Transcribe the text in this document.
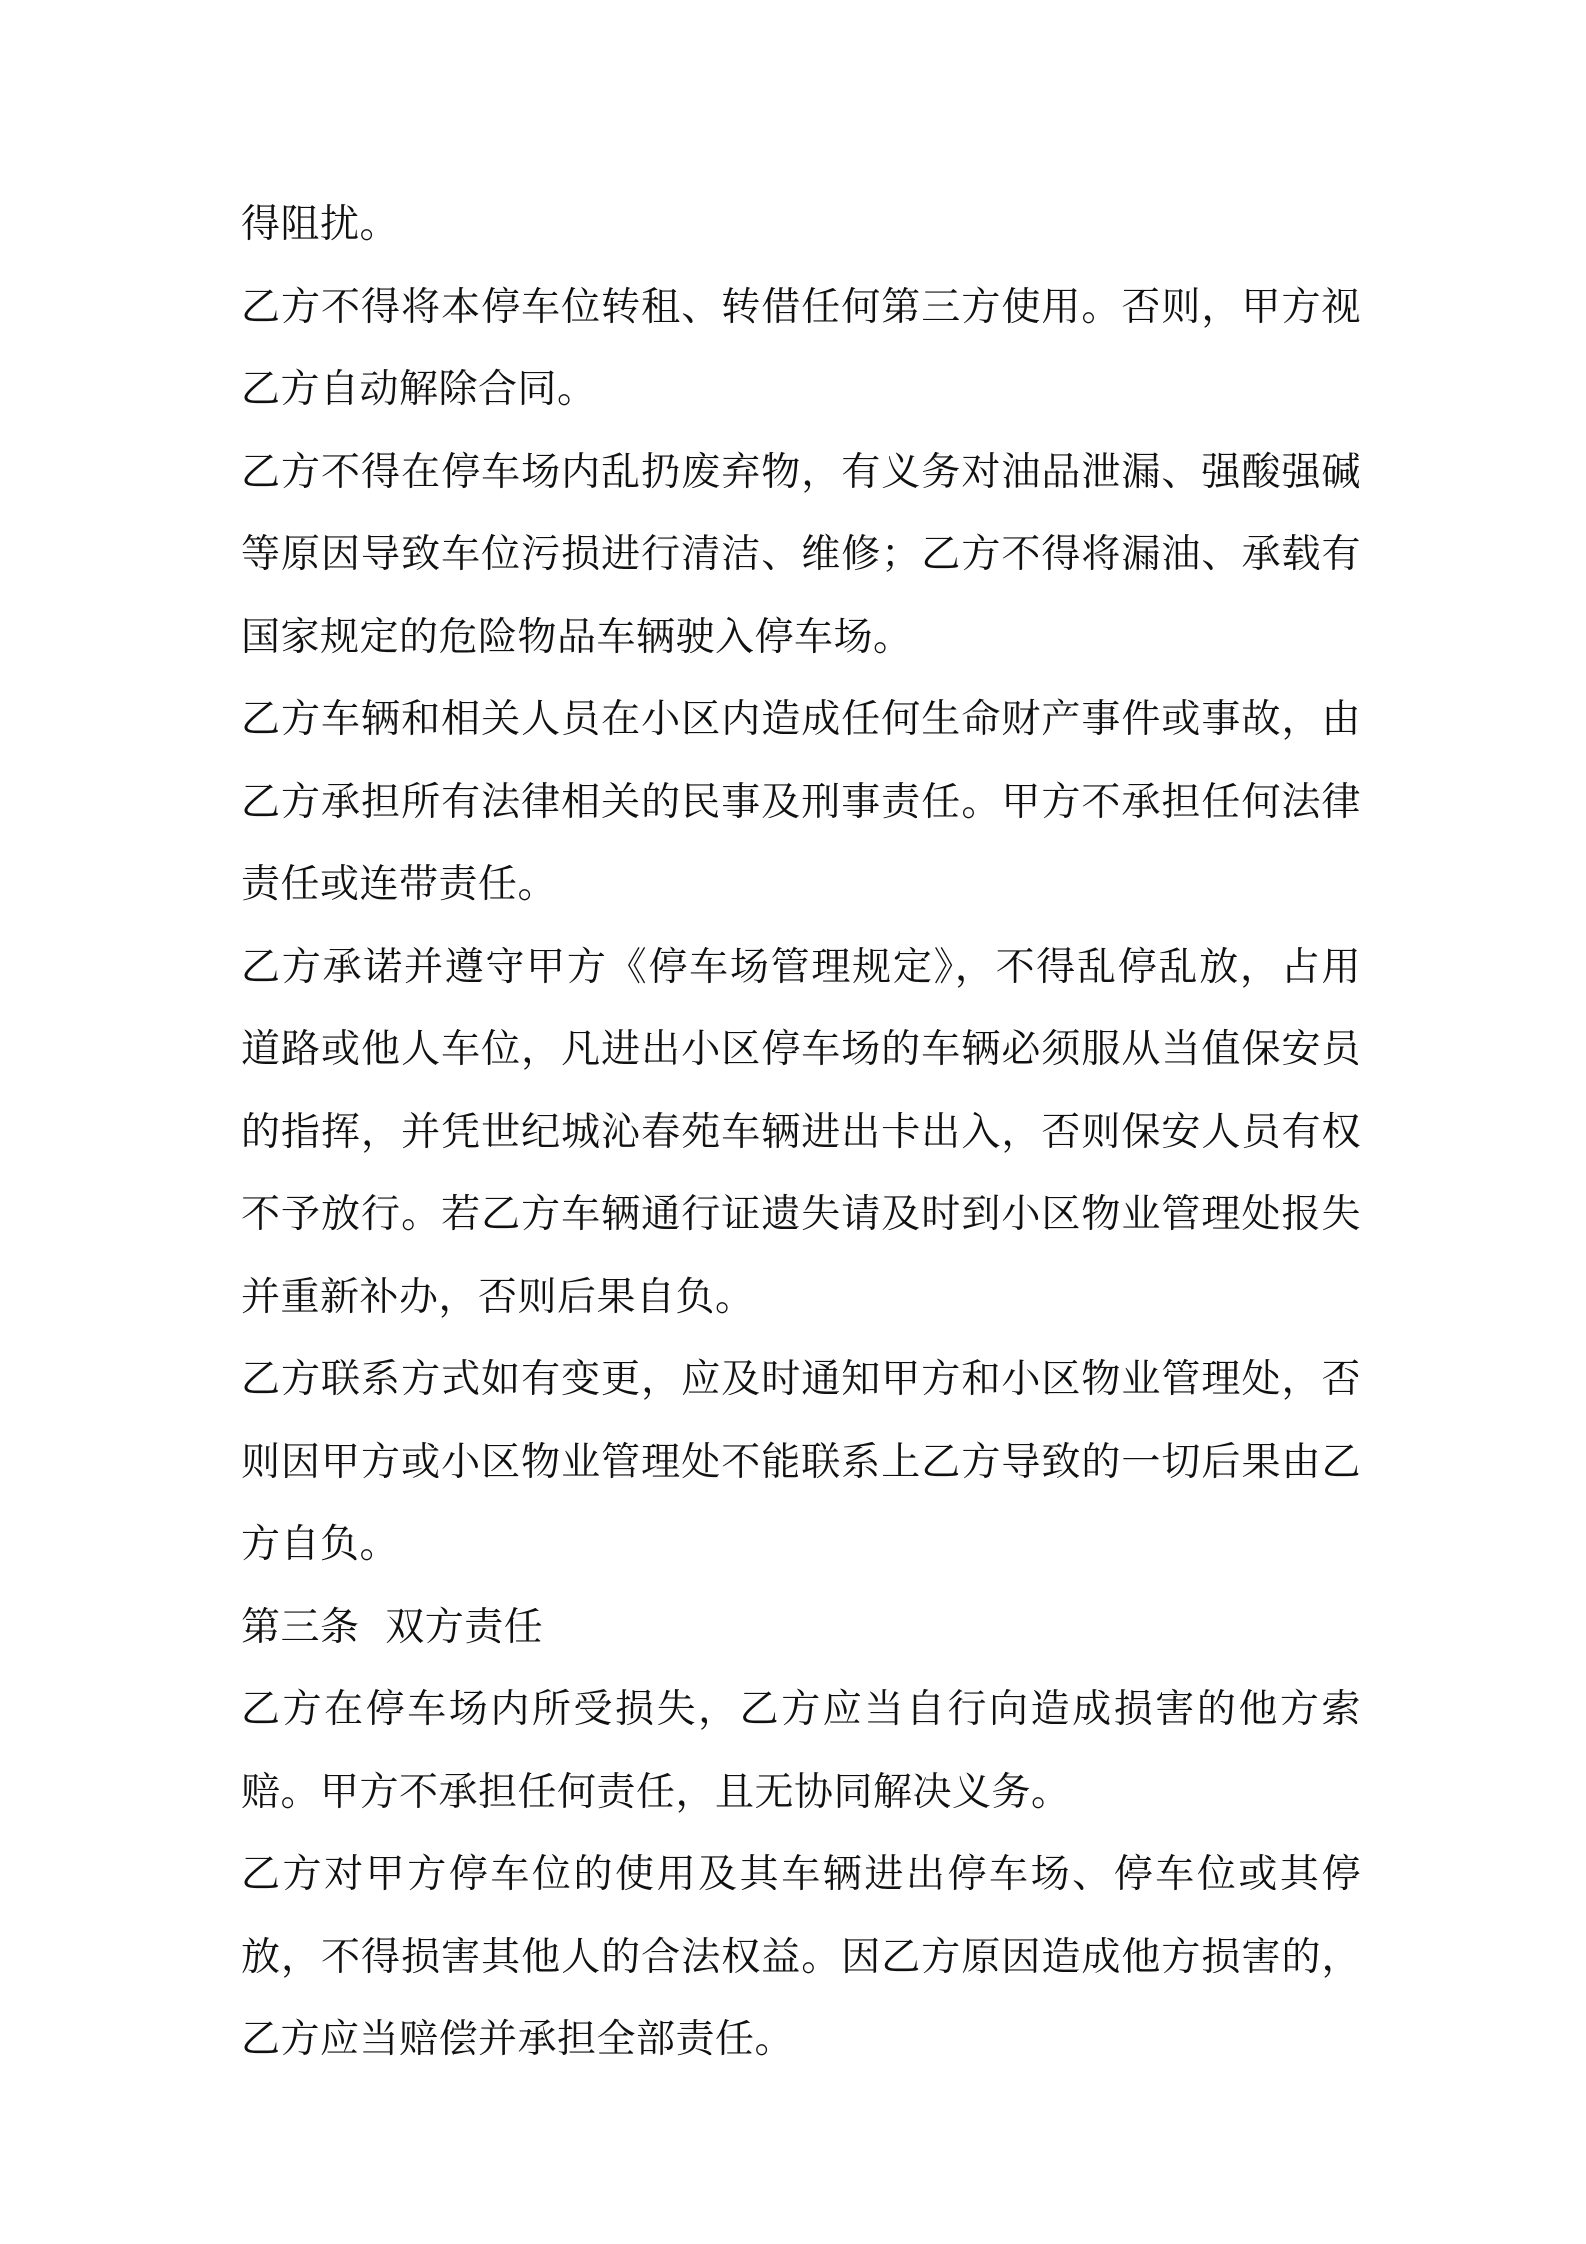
得阻扰。

乙方不得将本停车位转租、转借任何第三方使用。否则，甲方视乙方自动解除合同。

乙方不得在停车场内乱扔废弃物，有义务对油品泄漏、强酸强碱等原因导致车位污损进行清洁、维修；乙方不得将漏油、承载有国家规定的危险物品车辆驶入停车场。

乙方车辆和相关人员在小区内造成任何生命财产事件或事故，由乙方承担所有法律相关的民事及刑事责任。甲方不承担任何法律责任或连带责任。

乙方承诺并遵守甲方《停车场管理规定》，不得乱停乱放，占用道路或他人车位，凡进出小区停车场的车辆必须服从当值保安员的指挥，并凭世纪城沁春苑车辆进出卡出入，否则保安人员有权不予放行。若乙方车辆通行证遗失请及时到小区物业管理处报失并重新补办，否则后果自负。

乙方联系方式如有变更，应及时通知甲方和小区物业管理处，否则因甲方或小区物业管理处不能联系上乙方导致的一切后果由乙方自负。

第三条  双方责任

乙方在停车场内所受损失，乙方应当自行向造成损害的他方索赔。甲方不承担任何责任，且无协同解决义务。

乙方对甲方停车位的使用及其车辆进出停车场、停车位或其停放，不得损害其他人的合法权益。因乙方原因造成他方损害的，乙方应当赔偿并承担全部责任。
